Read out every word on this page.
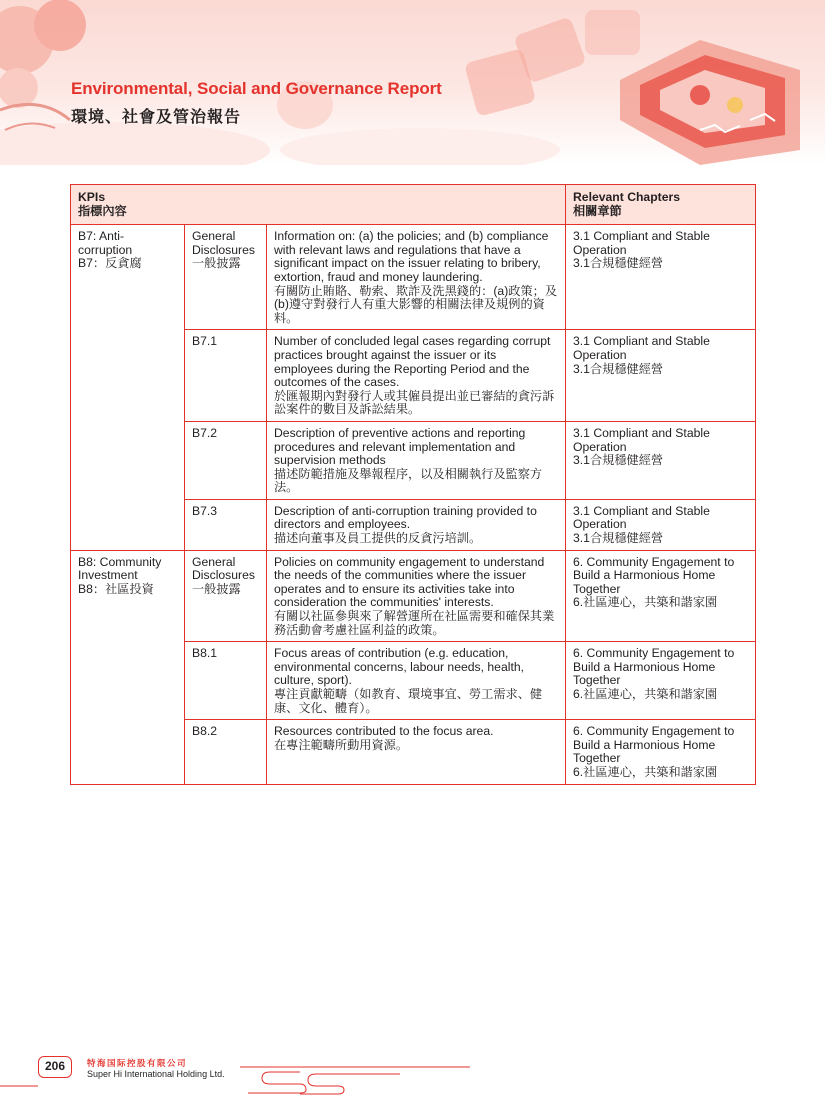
Environmental, Social and Governance Report
環境、社會及管治報告
KPIs
指標內容			Relevant Chapters
相關章節

B7: Anti-corruption
B7：反貪腐	General Disclosures
一般披露	Information on: (a) the policies; and (b) compliance with relevant laws and regulations that have a significant impact on the issuer relating to bribery, extortion, fraud and money laundering.
有關防止賄賂、勒索、欺詐及洗黑錢的：(a)政策；及(b)遵守對發行人有重大影響的相關法律及規例的資料。	3.1 Compliant and Stable Operation
3.1合規穩健經營

	B7.1	Number of concluded legal cases regarding corrupt practices brought against the issuer or its employees during the Reporting Period and the outcomes of the cases.
於匯報期內對發行人或其僱員提出並已審結的貪污訴訟案件的數目及訴訟結果。	3.1 Compliant and Stable Operation
3.1合規穩健經營

	B7.2	Description of preventive actions and reporting procedures and relevant implementation and supervision methods
描述防範措施及舉報程序，以及相關執行及監察方法。	3.1 Compliant and Stable Operation
3.1合規穩健經營

	B7.3	Description of anti-corruption training provided to directors and employees.
描述向董事及員工提供的反貪污培訓。	3.1 Compliant and Stable Operation
3.1合規穩健經營

B8: Community Investment
B8：社區投資	General Disclosures
一般披露	Policies on community engagement to understand the needs of the communities where the issuer operates and to ensure its activities take into consideration the communities' interests.
有關以社區參與來了解營運所在社區需要和確保其業務活動會考慮社區利益的政策。	6. Community Engagement to Build a Harmonious Home Together
6.社區連心，共築和諧家園

	B8.1	Focus areas of contribution (e.g. education, environmental concerns, labour needs, health, culture, sport).
專注貢獻範疇（如教育、環境事宜、勞工需求、健康、文化、體育）。	6. Community Engagement to Build a Harmonious Home Together
6.社區連心，共築和諧家園

	B8.2	Resources contributed to the focus area.
在專注範疇所動用資源。	6. Community Engagement to Build a Harmonious Home Together
6.社區連心，共築和諧家園
206	特海国际控股有限公司
Super Hi International Holding Ltd.
